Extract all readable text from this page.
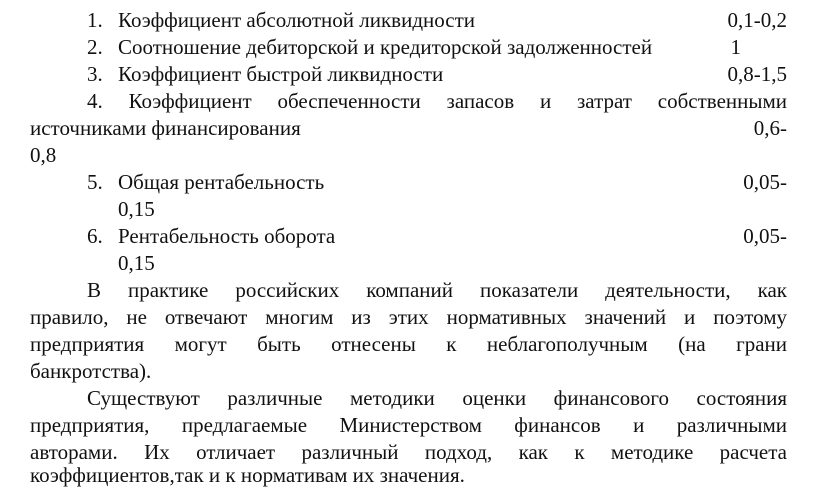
1. Коэффициент абсолютной ликвидности	0,1-0,2
2. Соотношение дебиторской и кредиторской задолженностей	1
3. Коэффициент быстрой ликвидности	0,8-1,5
4. Коэффициент обеспеченности запасов и затрат собственными
источниками финансирования	0,6-
0,8
5. Общая рентабельность	0,05-
0,15
6. Рентабельность оборота	0,05-
0,15
В практике российских компаний показатели деятельности, как
правило, не отвечают многим из этих нормативных значений и поэтому
предприятия могут быть отнесены к неблагополучным (на грани
банкротства).
Существуют различные методики оценки финансового состояния
предприятия, предлагаемые Министерством финансов и различными
авторами. Их отличает различный подход, как к методике расчета
коэффициентов,так и к нормативам их значения.
